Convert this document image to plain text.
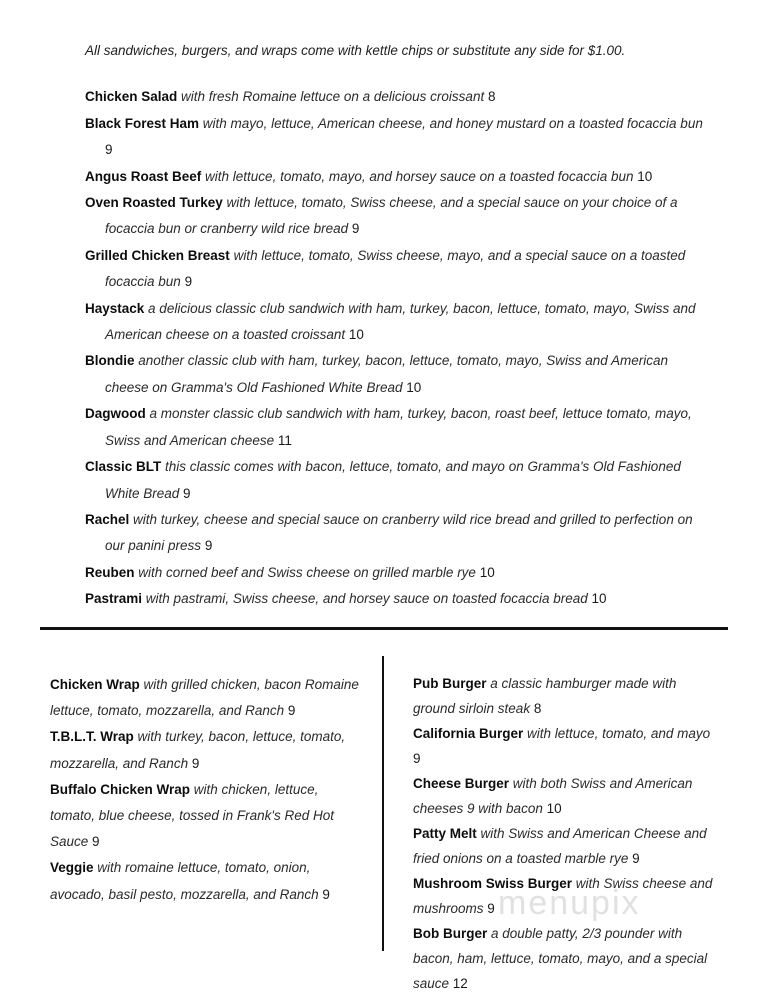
All sandwiches, burgers, and wraps come with kettle chips or substitute any side for $1.00.
Chicken Salad with fresh Romaine lettuce on a delicious croissant 8
Black Forest Ham with mayo, lettuce, American cheese, and honey mustard on a toasted focaccia bun 9
Angus Roast Beef with lettuce, tomato, mayo, and horsey sauce on a toasted focaccia bun 10
Oven Roasted Turkey with lettuce, tomato, Swiss cheese, and a special sauce on your choice of a focaccia bun or cranberry wild rice bread 9
Grilled Chicken Breast with lettuce, tomato, Swiss cheese, mayo, and a special sauce on a toasted focaccia bun 9
Haystack a delicious classic club sandwich with ham, turkey, bacon, lettuce, tomato, mayo, Swiss and American cheese on a toasted croissant 10
Blondie another classic club with ham, turkey, bacon, lettuce, tomato, mayo, Swiss and American cheese on Gramma's Old Fashioned White Bread 10
Dagwood a monster classic club sandwich with ham, turkey, bacon, roast beef, lettuce tomato, mayo, Swiss and American cheese 11
Classic BLT this classic comes with bacon, lettuce, tomato, and mayo on Gramma's Old Fashioned White Bread 9
Rachel with turkey, cheese and special sauce on cranberry wild rice bread and grilled to perfection on our panini press 9
Reuben with corned beef and Swiss cheese on grilled marble rye 10
Pastrami with pastrami, Swiss cheese, and horsey sauce on toasted focaccia bread 10
Chicken Wrap with grilled chicken, bacon Romaine lettuce, tomato, mozzarella, and Ranch 9
T.B.L.T. Wrap with turkey, bacon, lettuce, tomato, mozzarella, and Ranch 9
Buffalo Chicken Wrap with chicken, lettuce, tomato, blue cheese, tossed in Frank's Red Hot Sauce 9
Veggie with romaine lettuce, tomato, onion, avocado, basil pesto, mozzarella, and Ranch 9
Pub Burger a classic hamburger made with ground sirloin steak 8
California Burger with lettuce, tomato, and mayo 9
Cheese Burger with both Swiss and American cheeses 9 with bacon 10
Patty Melt with Swiss and American Cheese and fried onions on a toasted marble rye 9
Mushroom Swiss Burger with Swiss cheese and mushrooms 9
Bob Burger a double patty, 2/3 pounder with bacon, ham, lettuce, tomato, mayo, and a special sauce 12
menupix
